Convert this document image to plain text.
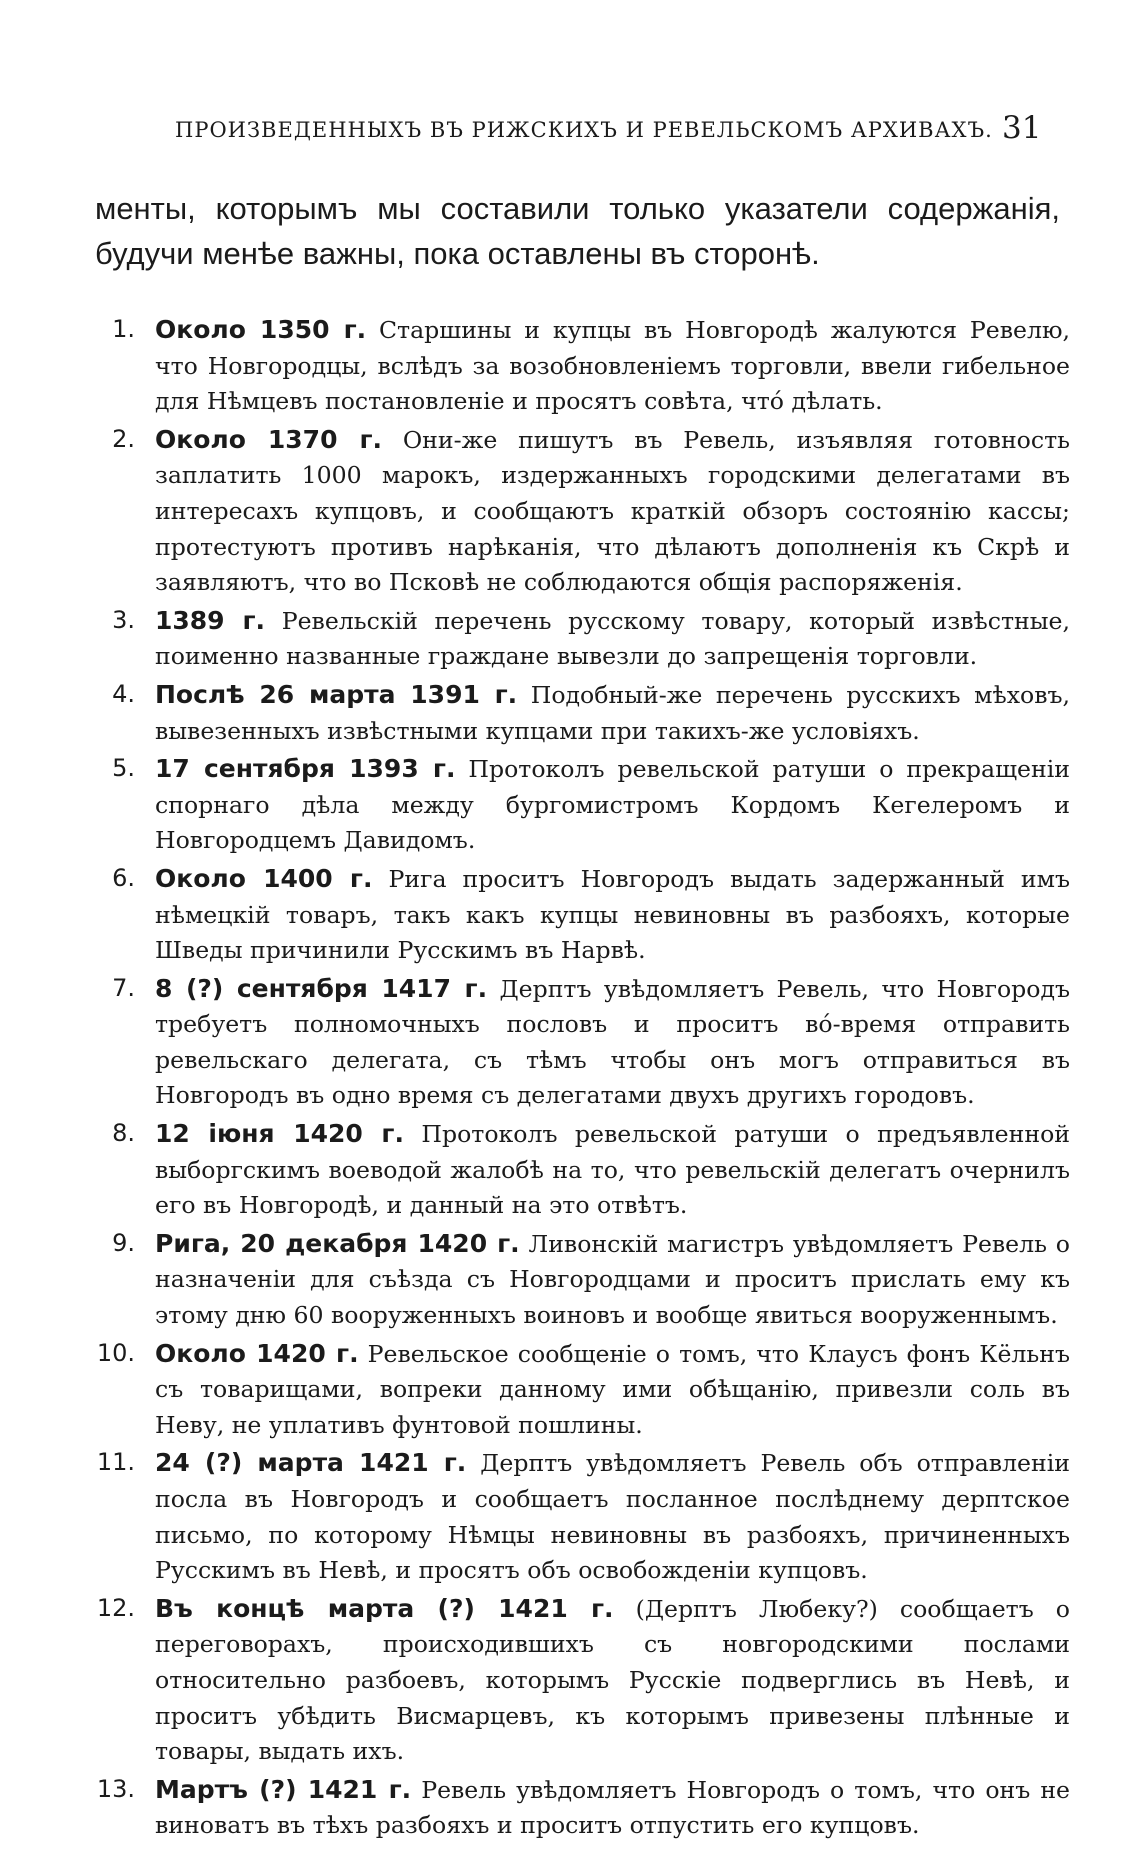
ПРОИЗВЕДЕННЫХЪ ВЪ РИЖСКИХЪ И РЕВЕЛЬСКОМЪ АРХИВАХЪ. 31

менты, которымъ мы составили только указатели содержанія, будучи менѣе важны, пока оставлены въ сторонѣ.

1. Около 1350 г. Старшины и купцы въ Новгородѣ жалуются Ревелю, что Новгородцы, вслѣдъ за возобновленіемъ торговли, ввели гибельное для Нѣмцевъ постановленіе и просятъ совѣта, что́ дѣлать.
2. Около 1370 г. Они-же пишутъ въ Ревель, изъявляя готовность заплатить 1000 марокъ, издержанныхъ городскими делегатами въ интересахъ купцовъ, и сообщаютъ краткій обзоръ состоянію кассы; протестуютъ противъ нарѣканія, что дѣлаютъ дополненія къ Скрѣ и заявляютъ, что во Псковѣ не соблюдаются общія распоряженія.
3. 1389 г. Ревельскій перечень русскому товару, который извѣстные, поименно названные граждане вывезли до запрещенія торговли.
4. Послѣ 26 марта 1391 г. Подобный-же перечень русскихъ мѣховъ, вывезенныхъ извѣстными купцами при такихъ-же условіяхъ.
5. 17 сентября 1393 г. Протоколъ ревельской ратуши о прекращеніи спорнаго дѣла между бургомистромъ Кордомъ Кегелеромъ и Новгородцемъ Давидомъ.
6. Около 1400 г. Рига проситъ Новгородъ выдать задержанный имъ нѣмецкій товаръ, такъ какъ купцы невиновны въ разбояхъ, которые Шведы причинили Русскимъ въ Нарвѣ.
7. 8 (?) сентября 1417 г. Дерптъ увѣдомляетъ Ревель, что Новгородъ требуетъ полномочныхъ пословъ и проситъ во́-время отправить ревельскаго делегата, съ тѣмъ чтобы онъ могъ отправиться въ Новгородъ въ одно время съ делегатами двухъ другихъ городовъ.
8. 12 іюня 1420 г. Протоколъ ревельской ратуши о предъявленной выборгскимъ воеводой жалобѣ на то, что ревельскій делегатъ очернилъ его въ Новгородѣ, и данный на это отвѣтъ.
9. Рига, 20 декабря 1420 г. Ливонскій магистръ увѣдомляетъ Ревель о назначеніи для съѣзда съ Новгородцами и проситъ прислать ему къ этому дню 60 вооруженныхъ воиновъ и вообще явиться вооруженнымъ.
10. Около 1420 г. Ревельское сообщеніе о томъ, что Клаусъ фонъ Кёльнъ съ товарищами, вопреки данному ими обѣщанію, привезли соль въ Неву, не уплативъ фунтовой пошлины.
11. 24 (?) марта 1421 г. Дерптъ увѣдомляетъ Ревель объ отправленіи посла въ Новгородъ и сообщаетъ посланное послѣднему дерптское письмо, по которому Нѣмцы невиновны въ разбояхъ, причиненныхъ Русскимъ въ Невѣ, и просятъ объ освобожденіи купцовъ.
12. Въ концѣ марта (?) 1421 г. (Дерптъ Любеку?) сообщаетъ о переговорахъ, происходившихъ съ новгородскими послами относительно разбоевъ, которымъ Русскіе подверглись въ Невѣ, и проситъ убѣдить Висмарцевъ, къ которымъ привезены плѣнные и товары, выдать ихъ.
13. Мартъ (?) 1421 г. Ревель увѣдомляетъ Новгородъ о томъ, что онъ не виноватъ въ тѣхъ разбояхъ и проситъ отпустить его купцовъ.
